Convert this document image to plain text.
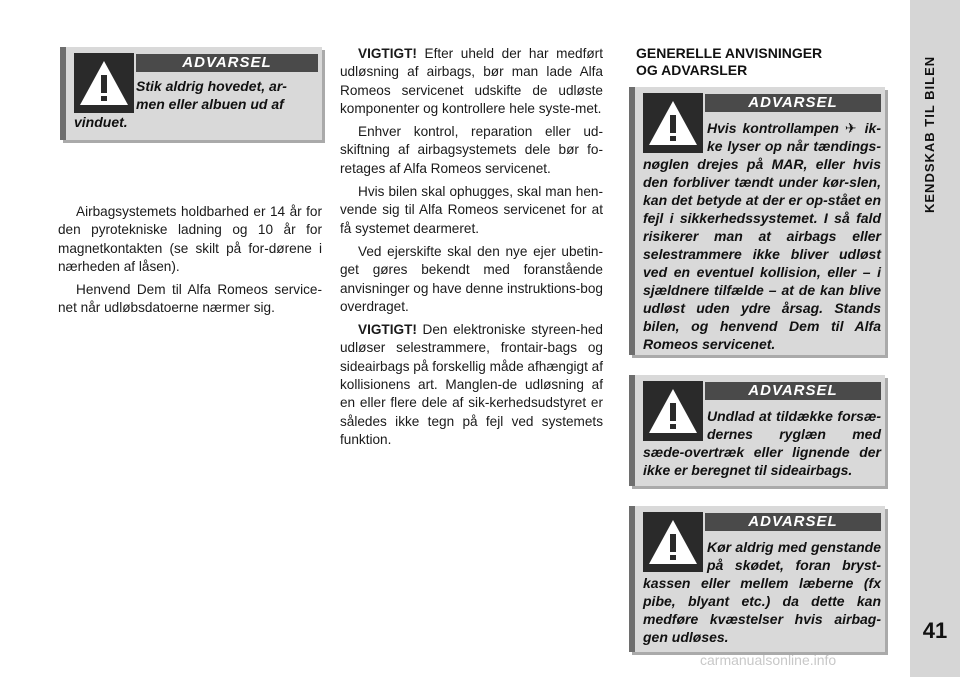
KENDSKAB TIL BILEN
41
ADVARSEL
Stik aldrig hovedet, ar-
men eller albuen ud af
vinduet.

Airbagsystemets holdbarhed er 14 år for den pyrotekniske ladning og 10 år for magnetkontakten (se skilt på for-dørene i nærheden af låsen).

Henvend Dem til Alfa Romeos service-net når udløbsdatoerne nærmer sig.

VIGTIGT! Efter uheld der har medført udløsning af airbags, bør man lade Alfa Romeos servicenet udskifte de udløste komponenter og kontrollere hele syste-met.

Enhver kontrol, reparation eller ud-skiftning af airbagsystemets dele bør fo-retages af Alfa Romeos servicenet.

Hvis bilen skal ophugges, skal man hen-vende sig til Alfa Romeos servicenet for at få systemet dearmeret.

Ved ejerskifte skal den nye ejer ubetin-get gøres bekendt med foranstående anvisninger og have denne instruktions-bog overdraget.

VIGTIGT! Den elektroniske styreen-hed udløser selestrammere, frontair-bags og sideairbags på forskellig måde afhængigt af kollisionens art. Manglen-de udløsning af en eller flere dele af sik-kerhedsudstyret er således ikke tegn på fejl ved systemets funktion.

GENERELLE ANVISNINGER
OG ADVARSLER
ADVARSEL
Hvis kontrollampen ✈ ik-ke lyser op når tændings-nøglen drejes på MAR, eller hvis den forbliver tændt under kør-slen, kan det betyde at der er op-stået en fejl i sikkerhedssystemet. I så fald risikerer man at airbags eller selestrammere ikke bliver udløst ved en eventuel kollision, eller – i sjældnere tilfælde – at de kan blive udløst uden ydre årsag. Stands bilen, og henvend Dem til Alfa Romeos servicenet.
ADVARSEL
Undlad at tildække forsæ-dernes ryglæn med sæde-overtræk eller lignende der ikke er beregnet til sideairbags.
ADVARSEL
Kør aldrig med genstande på skødet, foran bryst-kassen eller mellem læberne (fx pibe, blyant etc.) da dette kan medføre kvæstelser hvis airbag-gen udløses.
carmanualsonline.info
